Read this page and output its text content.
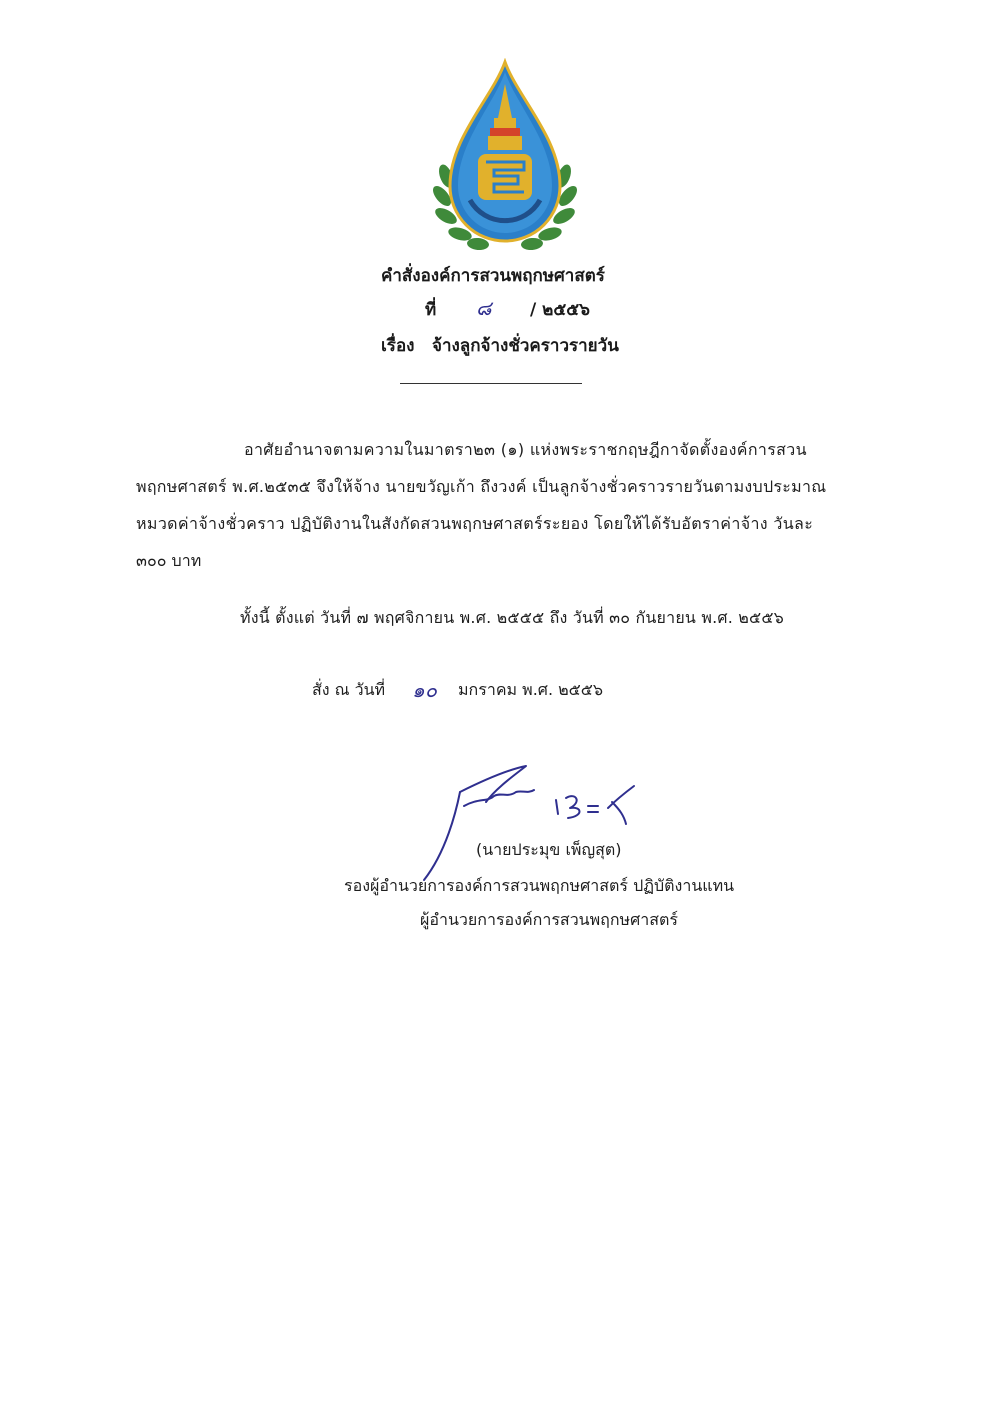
คำสั่งองค์การสวนพฤกษศาสตร์
ที่ ๘ / ๒๕๕๖
เรื่อง จ้างลูกจ้างชั่วคราวรายวัน
อาศัยอำนาจตามความในมาตรา๒๓ (๑) แห่งพระราชกฤษฎีกาจัดตั้งองค์การสวน
พฤกษศาสตร์ พ.ศ.๒๕๓๕ จึงให้จ้าง นายขวัญเก้า ถึงวงค์ เป็นลูกจ้างชั่วคราวรายวันตามงบประมาณ
หมวดค่าจ้างชั่วคราว ปฏิบัติงานในสังกัดสวนพฤกษศาสตร์ระยอง โดยให้ได้รับอัตราค่าจ้าง วันละ
๓๐๐ บาท
ทั้งนี้ ตั้งแต่ วันที่ ๗ พฤศจิกายน พ.ศ. ๒๕๕๕ ถึง วันที่ ๓๐ กันยายน พ.ศ. ๒๕๕๖
สั่ง ณ วันที่ ๑๐ มกราคม พ.ศ. ๒๕๕๖
(นายประมุข เพ็ญสุต)
รองผู้อำนวยการองค์การสวนพฤกษศาสตร์ ปฏิบัติงานแทน
ผู้อำนวยการองค์การสวนพฤกษศาสตร์
